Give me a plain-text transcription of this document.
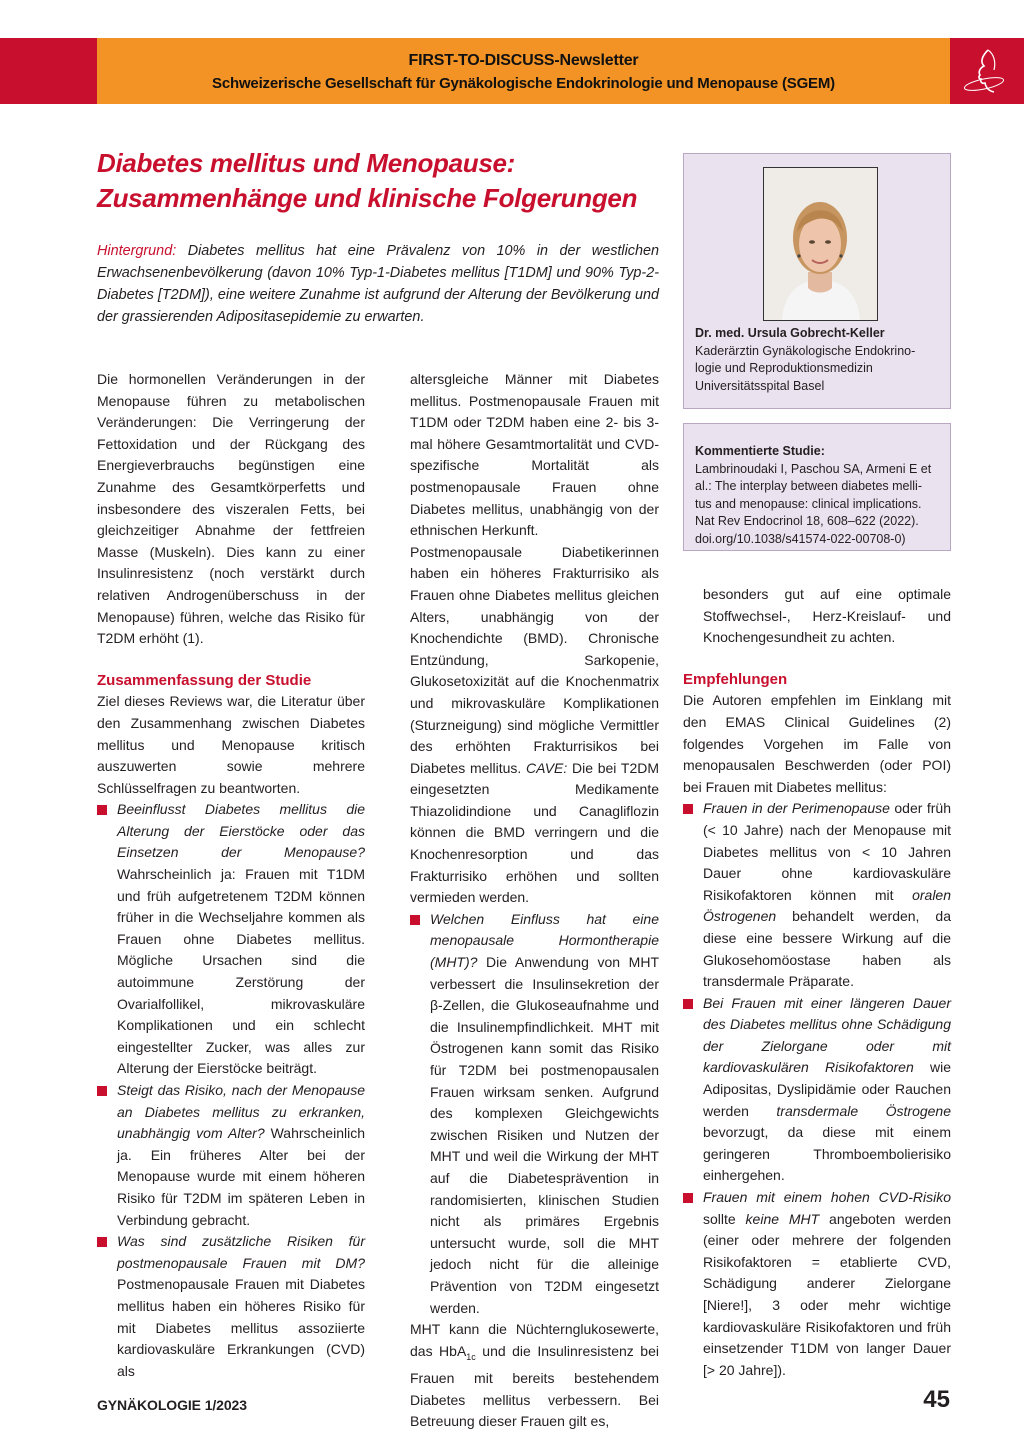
FIRST-TO-DISCUSS-Newsletter
Schweizerische Gesellschaft für Gynäkologische Endokrinologie und Menopause (SGEM)
Diabetes mellitus und Menopause:
Zusammenhänge und klinische Folgerungen
Hintergrund: Diabetes mellitus hat eine Prävalenz von 10% in der westlichen Erwachsenenbevölkerung (davon 10% Typ-1-Diabetes mellitus [T1DM] und 90% Typ-2-Diabetes [T2DM]), eine weitere Zunahme ist aufgrund der Alterung der Bevölkerung und der grassierenden Adipositasepidemie zu erwarten.
Dr. med. Ursula Gobrecht-Keller
Kaderärztin Gynäkologische Endokrino-
logie und Reproduktionsmedizin
Universitätsspital Basel
Kommentierte Studie:
Lambrinoudaki I, Paschou SA, Armeni E et
al.: The interplay between diabetes melli-
tus and menopause: clinical implications.
Nat Rev Endocrinol 18, 608–622 (2022).
doi.org/10.1038/s41574-022-00708-0)

Die hormonellen Veränderungen in der Menopause führen zu metabolischen Veränderungen: Die Verringerung der Fettoxidation und der Rückgang des Energieverbrauchs begünstigen eine Zunahme des Gesamtkörperfetts und insbesondere des viszeralen Fetts, bei gleichzeitiger Abnahme der fettfreien Masse (Muskeln). Dies kann zu einer Insulinresistenz (noch verstärkt durch relativen Androgenüberschuss in der Menopause) führen, welche das Risiko für T2DM erhöht (1).

Zusammenfassung der Studie

Ziel dieses Reviews war, die Literatur über den Zusammenhang zwischen Diabetes mellitus und Menopause kritisch auszuwerten sowie mehrere Schlüsselfragen zu beantworten.

Beeinflusst Diabetes mellitus die Alterung der Eierstöcke oder das Einsetzen der Menopause? Wahrscheinlich ja: Frauen mit T1DM und früh aufgetretenem T2DM können früher in die Wechseljahre kommen als Frauen ohne Diabetes mellitus. Mögliche Ursachen sind die autoimmune Zerstörung der Ovarialfollikel, mikrovaskuläre Komplikationen und ein schlecht eingestellter Zucker, was alles zur Alterung der Eierstöcke beiträgt.
Steigt das Risiko, nach der Menopause an Diabetes mellitus zu erkranken, unabhängig vom Alter? Wahrscheinlich ja. Ein früheres Alter bei der Menopause wurde mit einem höheren Risiko für T2DM im späteren Leben in Verbindung gebracht.
Was sind zusätzliche Risiken für postmenopausale Frauen mit DM? Postmenopausale Frauen mit Diabetes mellitus haben ein höheres Risiko für mit Diabetes mellitus assoziierte kardiovaskuläre Erkrankungen (CVD) als

altersgleiche Männer mit Diabetes mellitus. Postmenopausale Frauen mit T1DM oder T2DM haben eine 2- bis 3-mal höhere Gesamtmortalität und CVD-spezifische Mortalität als postmenopausale Frauen ohne Diabetes mellitus, unabhängig von der ethnischen Herkunft.

Postmenopausale Diabetikerinnen haben ein höheres Frakturrisiko als Frauen ohne Diabetes mellitus gleichen Alters, unabhängig von der Knochendichte (BMD). Chronische Entzündung, Sarkopenie, Glukosetoxizität auf die Knochenmatrix und mikrovaskuläre Komplikationen (Sturzneigung) sind mögliche Vermittler des erhöhten Frakturrisikos bei Diabetes mellitus. CAVE: Die bei T2DM eingesetzten Medikamente Thiazolidindione und Canagliflozin können die BMD verringern und die Knochenresorption und das Frakturrisiko erhöhen und sollten vermieden werden.

Welchen Einfluss hat eine menopausale Hormontherapie (MHT)? Die Anwendung von MHT verbessert die Insulinsekretion der β-Zellen, die Glukoseaufnahme und die Insulinempfindlichkeit. MHT mit Östrogenen kann somit das Risiko für T2DM bei postmenopausalen Frauen wirksam senken. Aufgrund des komplexen Gleichgewichts zwischen Risiken und Nutzen der MHT und weil die Wirkung der MHT auf die Diabetesprävention in randomisierten, klinischen Studien nicht als primäres Ergebnis untersucht wurde, soll die MHT jedoch nicht für die alleinige Prävention von T2DM eingesetzt werden.

MHT kann die Nüchternglukosewerte, das HbA$_{1c}$ und die Insulinresistenz bei Frauen mit bereits bestehendem Diabetes mellitus verbessern. Bei Betreuung dieser Frauen gilt es,

besonders gut auf eine optimale Stoffwechsel-, Herz-Kreislauf- und Knochengesundheit zu achten.

Empfehlungen

Die Autoren empfehlen im Einklang mit den EMAS Clinical Guidelines (2) folgendes Vorgehen im Falle von menopausalen Beschwerden (oder POI) bei Frauen mit Diabetes mellitus:

Frauen in der Perimenopause oder früh (< 10 Jahre) nach der Menopause mit Diabetes mellitus von < 10 Jahren Dauer ohne kardiovaskuläre Risikofaktoren können mit oralen Östrogenen behandelt werden, da diese eine bessere Wirkung auf die Glukosehomöostase haben als transdermale Präparate.
Bei Frauen mit einer längeren Dauer des Diabetes mellitus ohne Schädigung der Zielorgane oder mit kardiovaskulären Risikofaktoren wie Adipositas, Dyslipidämie oder Rauchen werden transdermale Östrogene bevorzugt, da diese mit einem geringeren Thromboembolierisiko einhergehen.
Frauen mit einem hohen CVD-Risiko sollte keine MHT angeboten werden (einer oder mehrere der folgenden Risikofaktoren = etablierte CVD, Schädigung anderer Zielorgane [Niere!], 3 oder mehr wichtige kardiovaskuläre Risikofaktoren und früh einsetzender T1DM von langer Dauer [> 20 Jahre]).
GYNÄKOLOGIE 1/2023	45
